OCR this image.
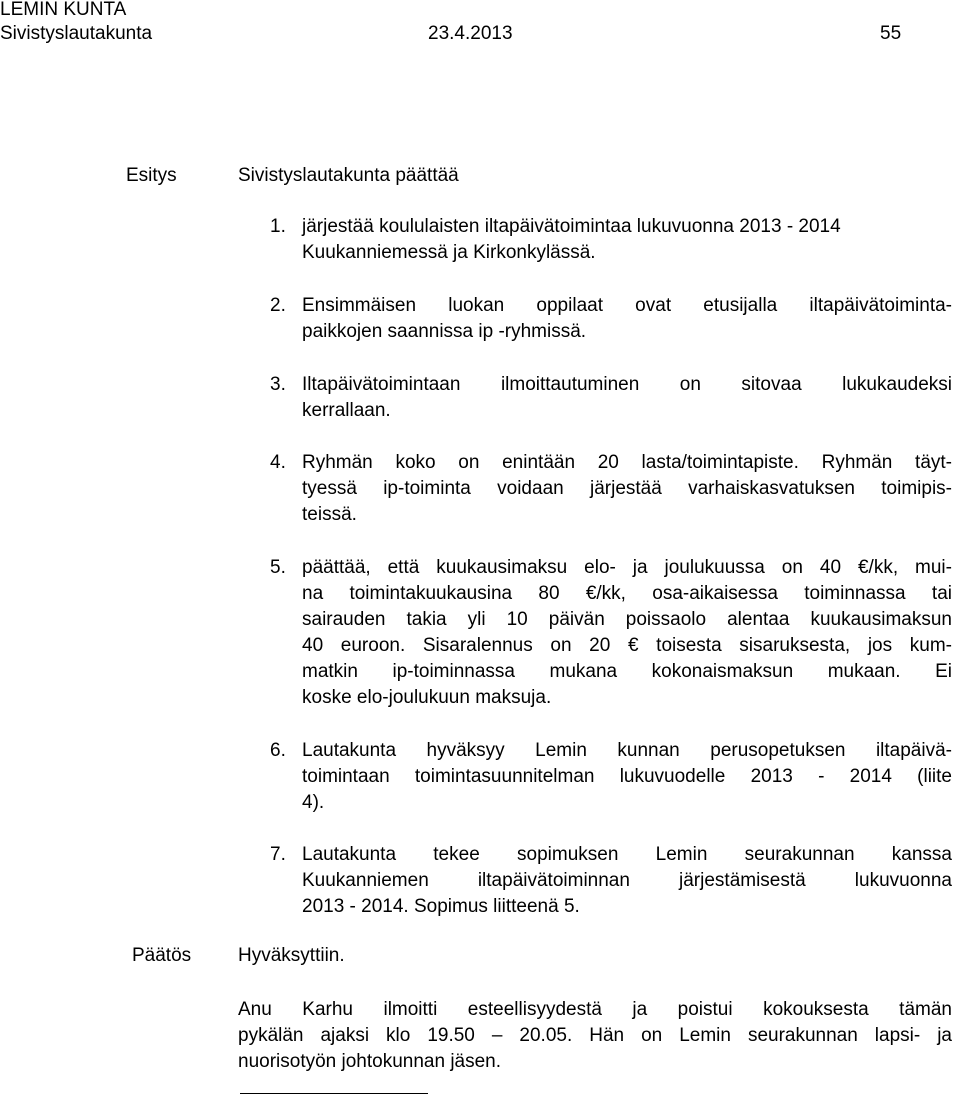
LEMIN KUNTA
Sivistyslautakunta	23.4.2013	55
Esitys	Sivistyslautakunta päättää
1. järjestää koululaisten iltapäivätoimintaa lukuvuonna 2013 - 2014
Kuukanniemessä ja Kirkonkylässä.
2. Ensimmäisen luokan oppilaat ovat etusijalla iltapäivätoiminta-
paikkojen saannissa ip -ryhmissä.
3. Iltapäivätoimintaan ilmoittautuminen on sitovaa lukukaudeksi
kerrallaan.
4. Ryhmän koko on enintään 20 lasta/toimintapiste. Ryhmän täyt-
tyessä ip-toiminta voidaan järjestää varhaiskasvatuksen toimipis-
teissä.
5. päättää, että kuukausimaksu elo- ja joulukuussa on 40 €/kk, mui-
na toimintakuukausina 80 €/kk, osa-aikaisessa toiminnassa tai
sairauden takia yli 10 päivän poissaolo alentaa kuukausimaksun
40 euroon. Sisaralennus on 20 € toisesta sisaruksesta, jos kum-
matkin ip-toiminnassa mukana kokonaismaksun mukaan. Ei
koske elo-joulukuun maksuja.
6. Lautakunta hyväksyy Lemin kunnan perusopetuksen iltapäivä-
toimintaan toimintasuunnitelman lukuvuodelle 2013 - 2014 (liite
4).
7. Lautakunta tekee sopimuksen Lemin seurakunnan kanssa
Kuukanniemen iltapäivätoiminnan järjestämisestä lukuvuonna
2013 - 2014. Sopimus liitteenä 5.
Päätös Hyväksyttiin.
Anu Karhu ilmoitti esteellisyydestä ja poistui kokouksesta tämän
pykälän ajaksi klo 19.50 – 20.05. Hän on Lemin seurakunnan lapsi- ja
nuorisotyön johtokunnan jäsen.
